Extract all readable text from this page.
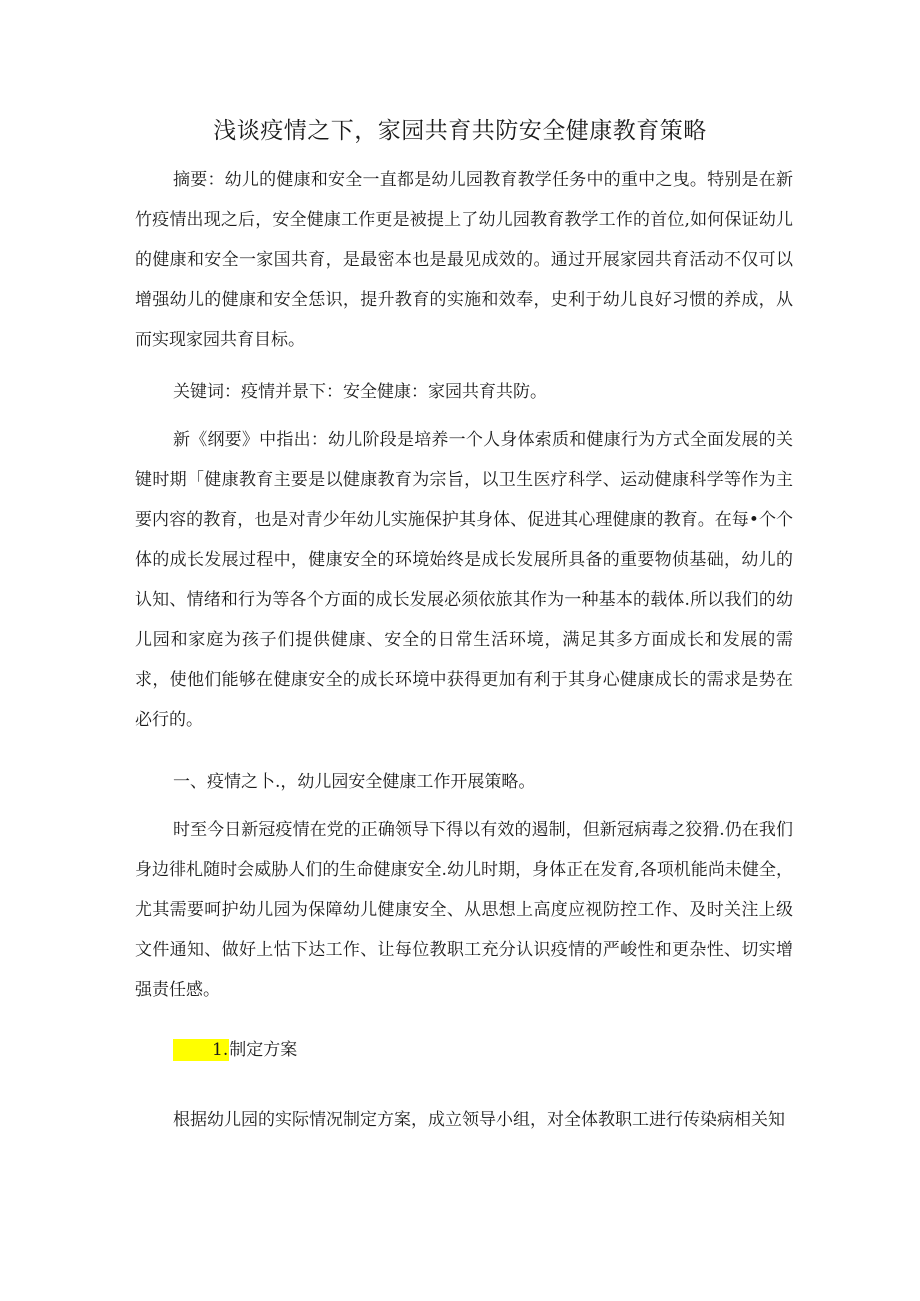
浅谈疫情之下，家园共育共防安全健康教育策略

摘要：幼儿的健康和安全一直都是幼儿园教育教学任务中的重中之曳。特别是在新竹疫情出现之后，安全健康工作更是被提上了幼儿园教育教学工作的首位,如何保证幼儿的健康和安全一家国共育，是最密本也是最见成效的。通过开展家园共育活动不仅可以增强幼儿的健康和安全恁识，提升教育的实施和效奉，史利于幼儿良好习惯的养成，从而实现家园共育目标。

关键词：疫情并景下：安全健康：家园共育共防。

新《纲要》中指出：幼儿阶段是培养一个人身体索质和健康行为方式全面发展的关键时期「健康教育主要是以健康教育为宗旨，以卫生医疗科学、运动健康科学等作为主要内容的教育，也是对青少年幼儿实施保护其身体、促进其心理健康的教育。在每•个个体的成长发展过程中，健康安全的环境始终是成长发展所具备的重要物侦基础，幼儿的认知、情绪和行为等各个方面的成长发展必须依旅其作为一种基本的载体.所以我们的幼儿园和家庭为孩子们提供健康、安全的日常生活环境，满足其多方面成长和发展的需求，使他们能够在健康安全的成长环境中获得更加有利于其身心健康成长的需求是势在必行的。

一、疫情之卜.，幼儿园安全健康工作开展策略。

时至今日新冠疫情在党的正确领导下得以有效的遏制，但新冠病毒之狡猾.仍在我们身边徘札随时会威胁人们的生命健康安全.幼儿时期，身体正在发育,各项机能尚未健全，尤其需要呵护幼儿园为保障幼儿健康安全、从思想上高度应视防控工作、及时关注上级文件通知、做好上怙下达工作、让每位教职工充分认识疫情的严峻性和更杂性、切实增强责任感。

1.制定方案

根据幼儿园的实际情况制定方案，成立领导小组，对全体教职工进行传染病相关知
